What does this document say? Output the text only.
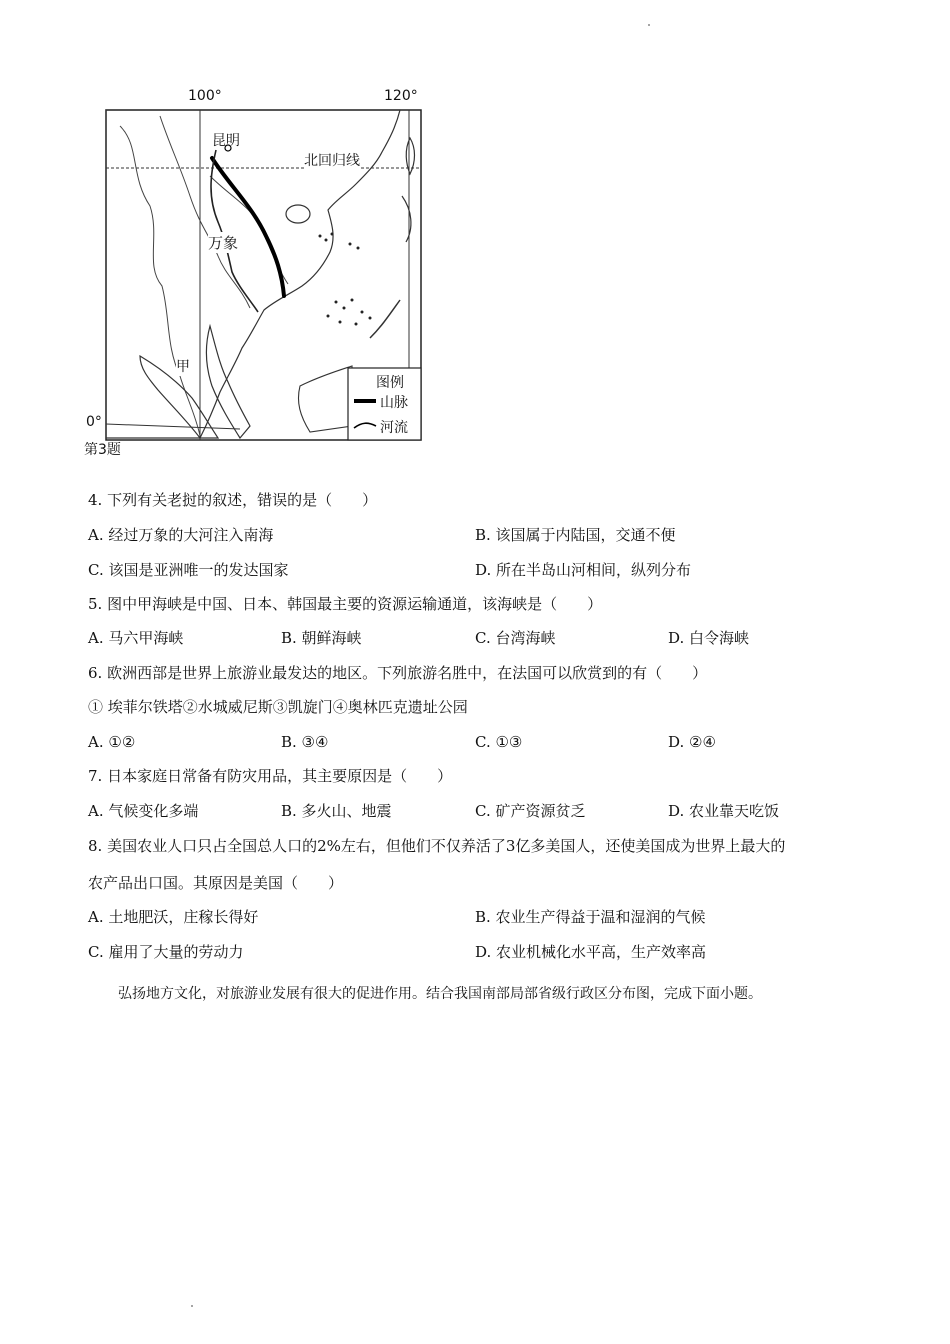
100°	120°
0°
北回归线
昆明
万象
甲
图例
山脉
河流
第3题
4. 下列有关老挝的叙述，错误的是（　　）
A. 经过万象的大河注入南海	B. 该国属于内陆国，交通不便
C. 该国是亚洲唯一的发达国家	D. 所在半岛山河相间，纵列分布
5. 图中甲海峡是中国、日本、韩国最主要的资源运输通道，该海峡是（　　）
A. 马六甲海峡	B. 朝鲜海峡	C. 台湾海峡	D. 白令海峡
6. 欧洲西部是世界上旅游业最发达的地区。下列旅游名胜中，在法国可以欣赏到的有（　　）
① 埃菲尔铁塔②水城威尼斯③凯旋门④奥林匹克遗址公园
A. ①②	B. ③④	C. ①③	D. ②④
7. 日本家庭日常备有防灾用品，其主要原因是（　　）
A. 气候变化多端	B. 多火山、地震	C. 矿产资源贫乏	D. 农业靠天吃饭
8. 美国农业人口只占全国总人口的2%左右，但他们不仅养活了3亿多美国人，还使美国成为世界上最大的
农产品出口国。其原因是美国（　　）
A. 土地肥沃，庄稼长得好	B. 农业生产得益于温和湿润的气候
C. 雇用了大量的劳动力	D. 农业机械化水平高，生产效率高
弘扬地方文化，对旅游业发展有很大的促进作用。结合我国南部局部省级行政区分布图，完成下面小题。
